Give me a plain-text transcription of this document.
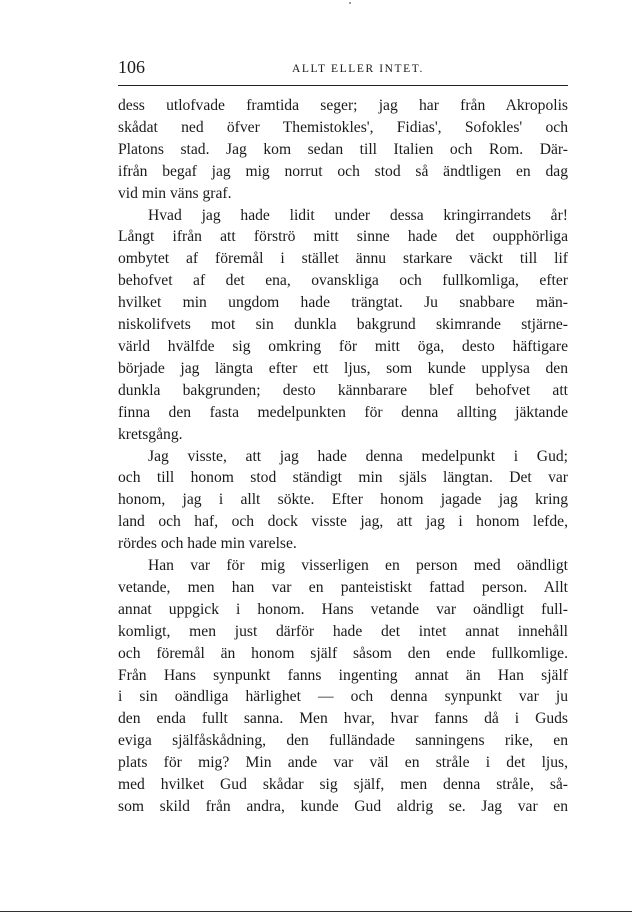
106	ALLT ELLER INTET.
dess utlofvade framtida seger; jag har från Akropolis
skådat ned öfver Themistokles', Fidias', Sofokles' och
Platons stad. Jag kom sedan till Italien och Rom. Där-
ifrån begaf jag mig norrut och stod så ändtligen en dag
vid min väns graf.
Hvad jag hade lidit under dessa kringirrandets år!
Långt ifrån att förströ mitt sinne hade det oupphörliga
ombytet af föremål i stället ännu starkare väckt till lif
behofvet af det ena, ovanskliga och fullkomliga, efter
hvilket min ungdom hade trängtat. Ju snabbare män-
niskolifvets mot sin dunkla bakgrund skimrande stjärne-
värld hvälfde sig omkring för mitt öga, desto häftigare
började jag längta efter ett ljus, som kunde upplysa den
dunkla bakgrunden; desto kännbarare blef behofvet att
finna den fasta medelpunkten för denna allting jäktande
kretsgång.
Jag visste, att jag hade denna medelpunkt i Gud;
och till honom stod ständigt min själs längtan. Det var
honom, jag i allt sökte. Efter honom jagade jag kring
land och haf, och dock visste jag, att jag i honom lefde,
rördes och hade min varelse.
Han var för mig visserligen en person med oändligt
vetande, men han var en panteistiskt fattad person. Allt
annat uppgick i honom. Hans vetande var oändligt full-
komligt, men just därför hade det intet annat innehåll
och föremål än honom själf såsom den ende fullkomlige.
Från Hans synpunkt fanns ingenting annat än Han själf
i sin oändliga härlighet — och denna synpunkt var ju
den enda fullt sanna. Men hvar, hvar fanns då i Guds
eviga själfåskådning, den fulländade sanningens rike, en
plats för mig? Min ande var väl en stråle i det ljus,
med hvilket Gud skådar sig själf, men denna stråle, så-
som skild från andra, kunde Gud aldrig se. Jag var en
